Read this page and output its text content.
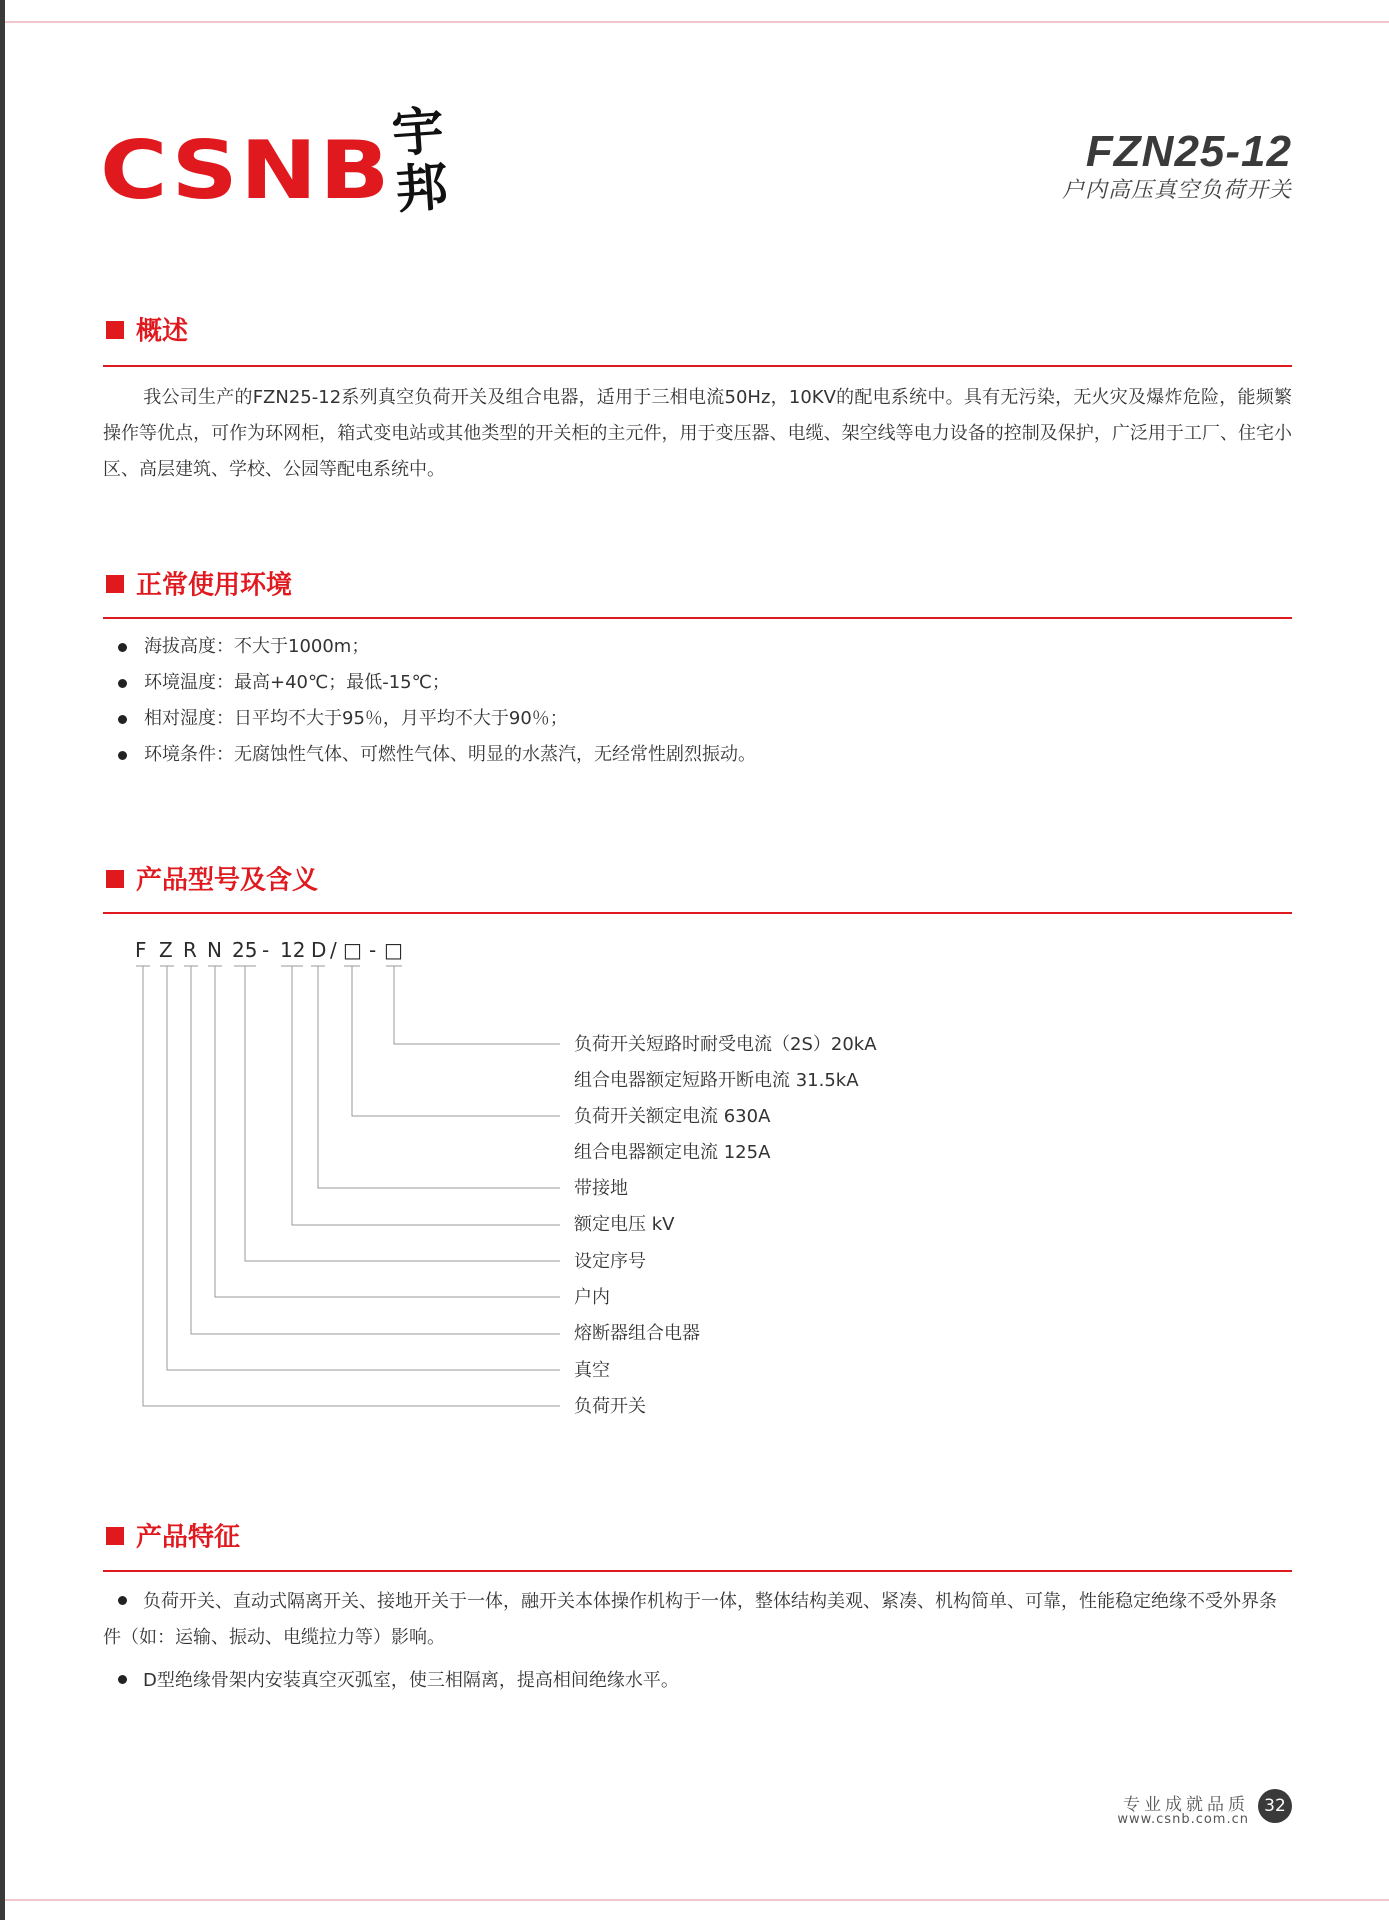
CSNB
宇邦
FZN25-12
户内高压真空负荷开关
概述
我公司生产的FZN25-12系列真空负荷开关及组合电器，适用于三相电流50Hz，10KV的配电系统中。具有无污染，无火灾及爆炸危险，能频繁操作等优点，可作为环网柜，箱式变电站或其他类型的开关柜的主元件，用于变压器、电缆、架空线等电力设备的控制及保护，广泛用于工厂、住宅小区、高层建筑、学校、公园等配电系统中。
正常使用环境
海拔高度：不大于1000m；
环境温度：最高+40℃；最低-15℃；
相对湿度：日平均不大于95％，月平均不大于90％；
环境条件：无腐蚀性气体、可燃性气体、明显的水蒸汽，无经常性剧烈振动。
产品型号及含义
F Z R N 25 - 12 D / □ - □
负荷开关短路时耐受电流（2S）20kA
组合电器额定短路开断电流 31.5kA
负荷开关额定电流 630A
组合电器额定电流 125A
带接地
额定电压 kV
设定序号
户内
熔断器组合电器
真空
负荷开关
产品特征
负荷开关、直动式隔离开关、接地开关于一体，融开关本体操作机构于一体，整体结构美观、紧凑、机构简单、可靠，性能稳定绝缘不受外界条件（如：运输、振动、电缆拉力等）影响。
D型绝缘骨架内安装真空灭弧室，使三相隔离，提高相间绝缘水平。
专业成就品质
www.csnb.com.cn
32
